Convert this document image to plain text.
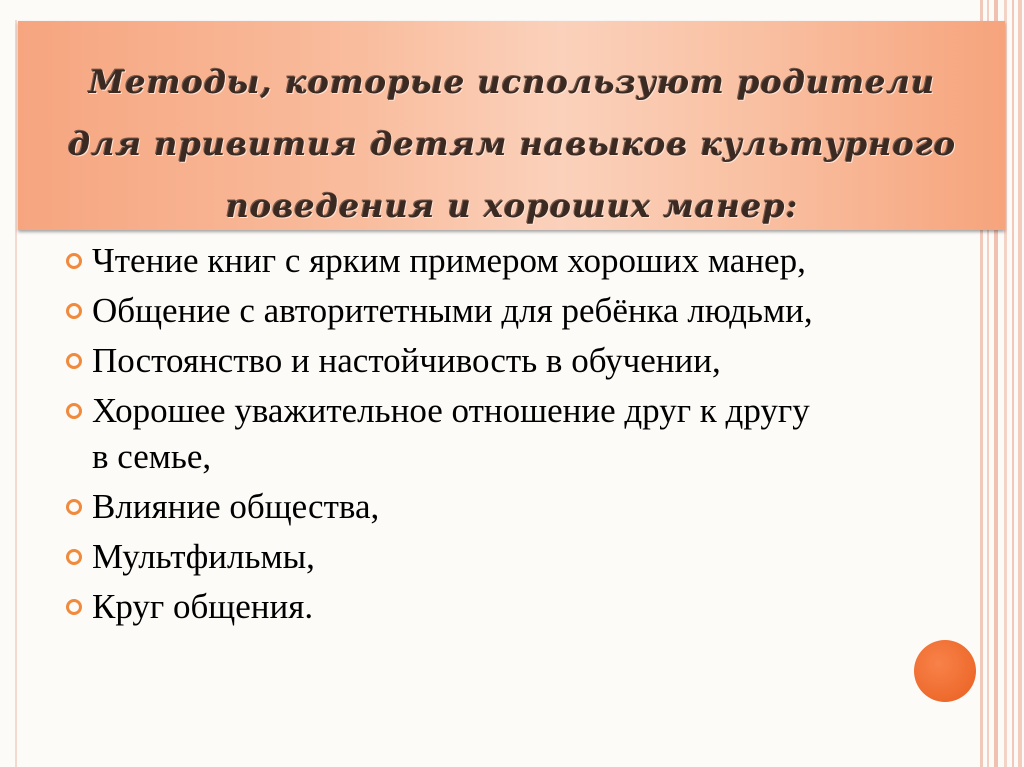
Методы, которые используют родители для привития детям навыков культурного поведения и хороших манер:
Чтение книг с ярким примером хороших манер,
Общение с авторитетными для ребёнка людьми,
Постоянство и настойчивость в обучении,
Хорошее уважительное отношение друг к другу в семье,
Влияние общества,
Мультфильмы,
Круг общения.
